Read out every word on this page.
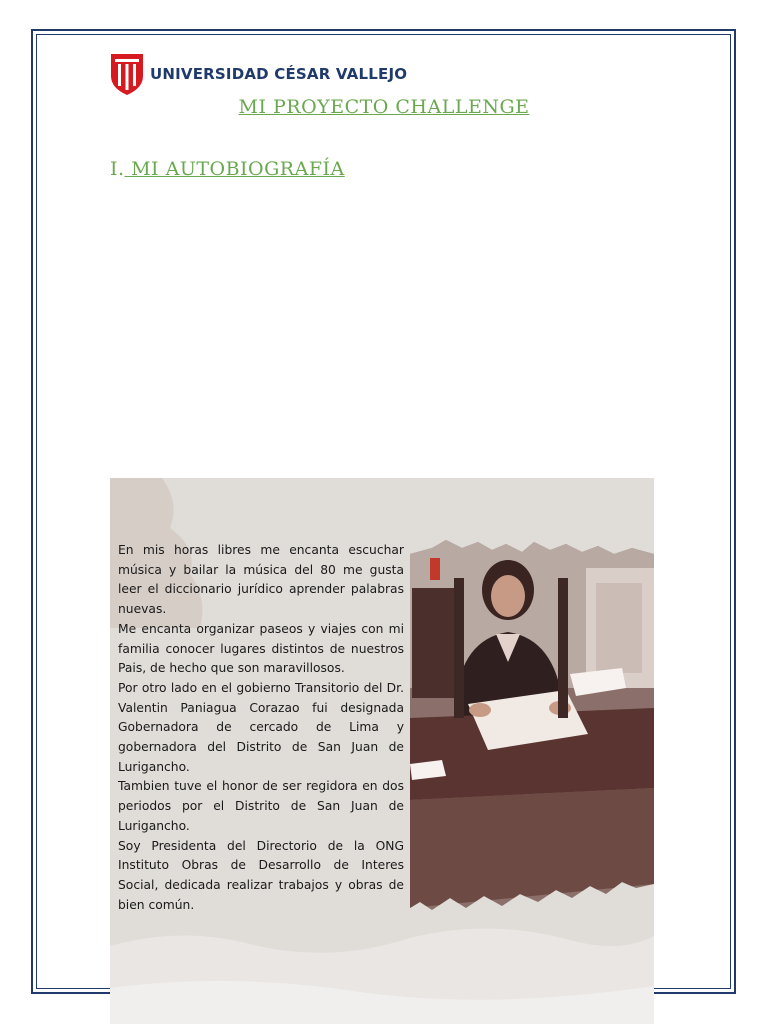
UNIVERSIDAD CÉSAR VALLEJO
MI PROYECTO CHALLENGE
I. MI AUTOBIOGRAFÍA

En mis horas libres me encanta escuchar música y bailar la música del 80 me gusta leer el diccionario jurídico aprender palabras nuevas.

Me encanta organizar paseos y viajes con mi familia conocer lugares distintos de nuestros Pais, de hecho que son maravillosos.

Por otro lado en el gobierno Transitorio del Dr. Valentin Paniagua Corazao fui designada Gobernadora de cercado de Lima y gobernadora del Distrito de San Juan de Lurigancho.

Tambien tuve el honor de ser regidora en dos periodos por el Distrito de San Juan de Lurigancho.

Soy Presidenta del Directorio de la ONG Instituto Obras de Desarrollo de Interes Social, dedicada realizar trabajos y obras de bien común.
